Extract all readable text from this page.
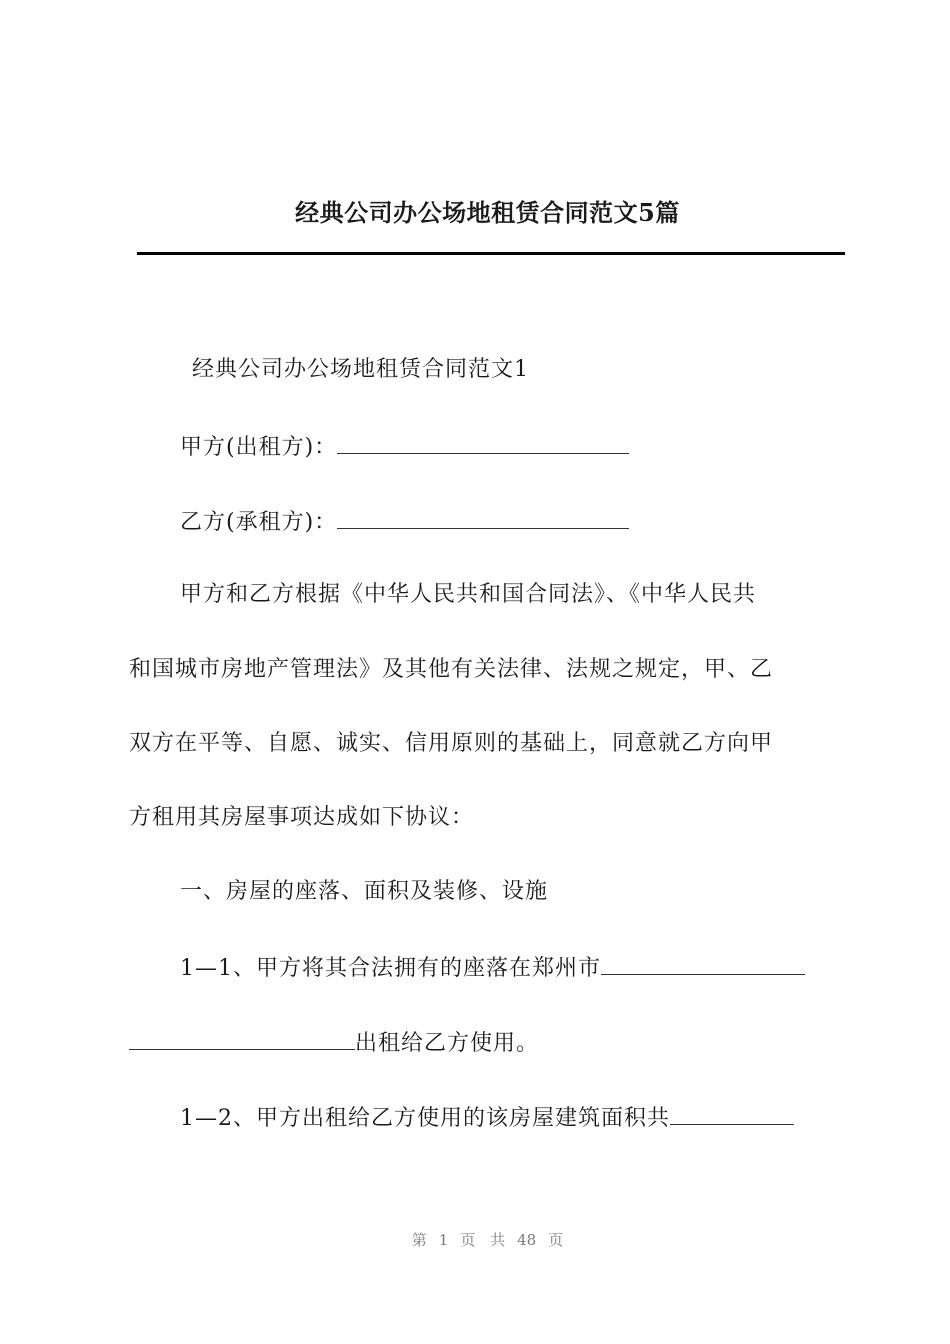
经典公司办公场地租赁合同范文5篇
经典公司办公场地租赁合同范文1
甲方(出租方)：
乙方(承租方)：
甲方和乙方根据《中华人民共和国合同法》、《中华人民共
和国城市房地产管理法》及其他有关法律、法规之规定，甲、乙
双方在平等、自愿、诚实、信用原则的基础上，同意就乙方向甲
方租用其房屋事项达成如下协议：
一、房屋的座落、面积及装修、设施
1—1、甲方将其合法拥有的座落在郑州市
出租给乙方使用。
1—2、甲方出租给乙方使用的该房屋建筑面积共
第 1 页 共 48 页
